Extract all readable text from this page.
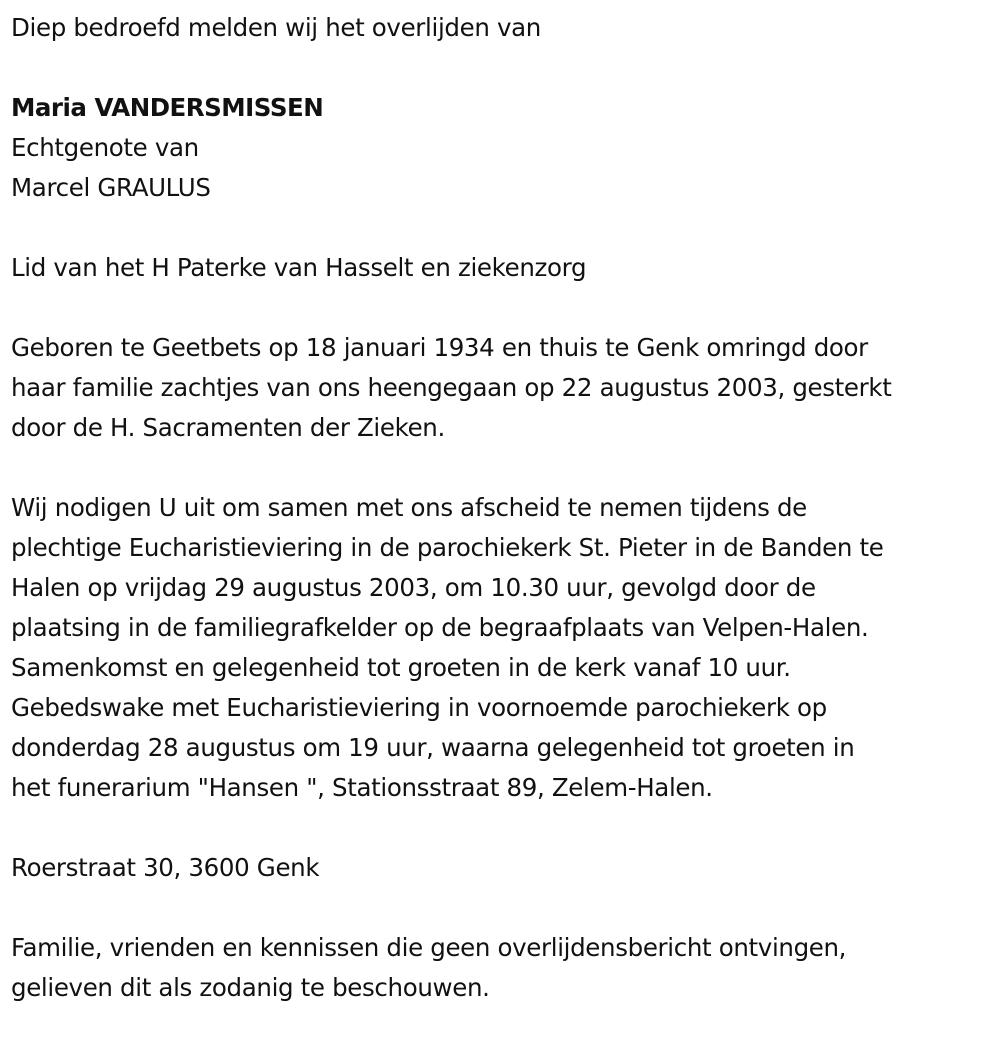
Diep bedroefd melden wij het overlijden van

Maria VANDERSMISSEN

Echtgenote van

Marcel GRAULUS

Lid van het H Paterke van Hasselt en ziekenzorg

Geboren te Geetbets op 18 januari 1934 en thuis te Genk omringd door

haar familie zachtjes van ons heengegaan op 22 augustus 2003, gesterkt

door de H. Sacramenten der Zieken.

Wij nodigen U uit om samen met ons afscheid te nemen tijdens de

plechtige Eucharistieviering in de parochiekerk St. Pieter in de Banden te

Halen op vrijdag 29 augustus 2003, om 10.30 uur, gevolgd door de

plaatsing in de familiegrafkelder op de begraafplaats van Velpen-Halen.

Samenkomst en gelegenheid tot groeten in de kerk vanaf 10 uur.

Gebedswake met Eucharistieviering in voornoemde parochiekerk op

donderdag 28 augustus om 19 uur, waarna gelegenheid tot groeten in

het funerarium "Hansen ", Stationsstraat 89, Zelem-Halen.

Roerstraat 30, 3600 Genk

Familie, vrienden en kennissen die geen overlijdensbericht ontvingen,

gelieven dit als zodanig te beschouwen.
